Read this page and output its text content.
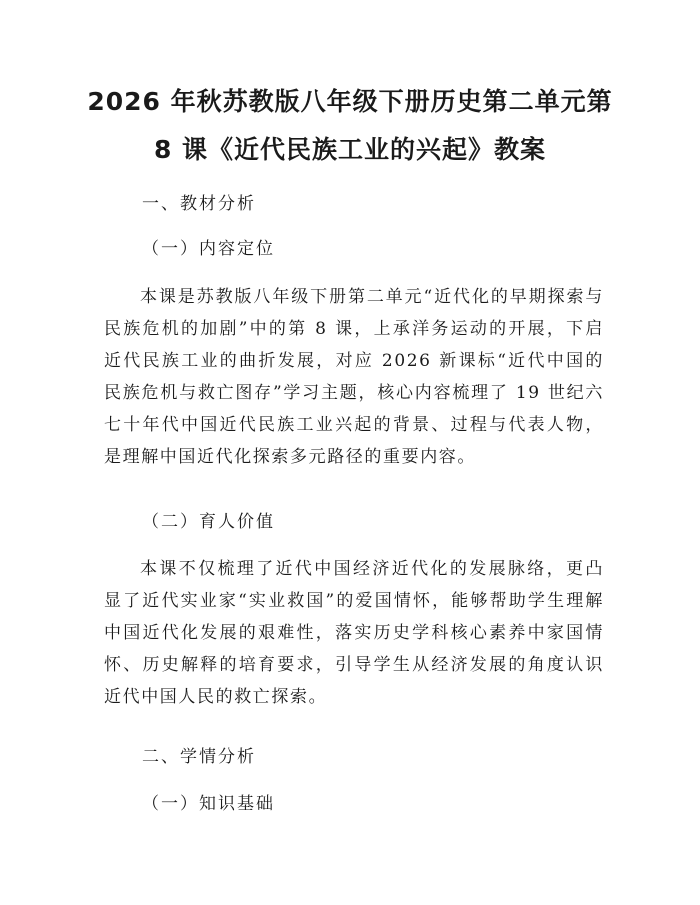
2026 年秋苏教版八年级下册历史第二单元第
8 课《近代民族工业的兴起》教案
一、教材分析
（一）内容定位
本课是苏教版八年级下册第二单元“近代化的早期探索与民族危机的加剧”中的第 8 课，上承洋务运动的开展，下启近代民族工业的曲折发展，对应 2026 新课标“近代中国的民族危机与救亡图存”学习主题，核心内容梳理了 19 世纪六七十年代中国近代民族工业兴起的背景、过程与代表人物，是理解中国近代化探索多元路径的重要内容。
（二）育人价值
本课不仅梳理了近代中国经济近代化的发展脉络，更凸显了近代实业家“实业救国”的爱国情怀，能够帮助学生理解中国近代化发展的艰难性，落实历史学科核心素养中家国情怀、历史解释的培育要求，引导学生从经济发展的角度认识近代中国人民的救亡探索。
二、学情分析
（一）知识基础
